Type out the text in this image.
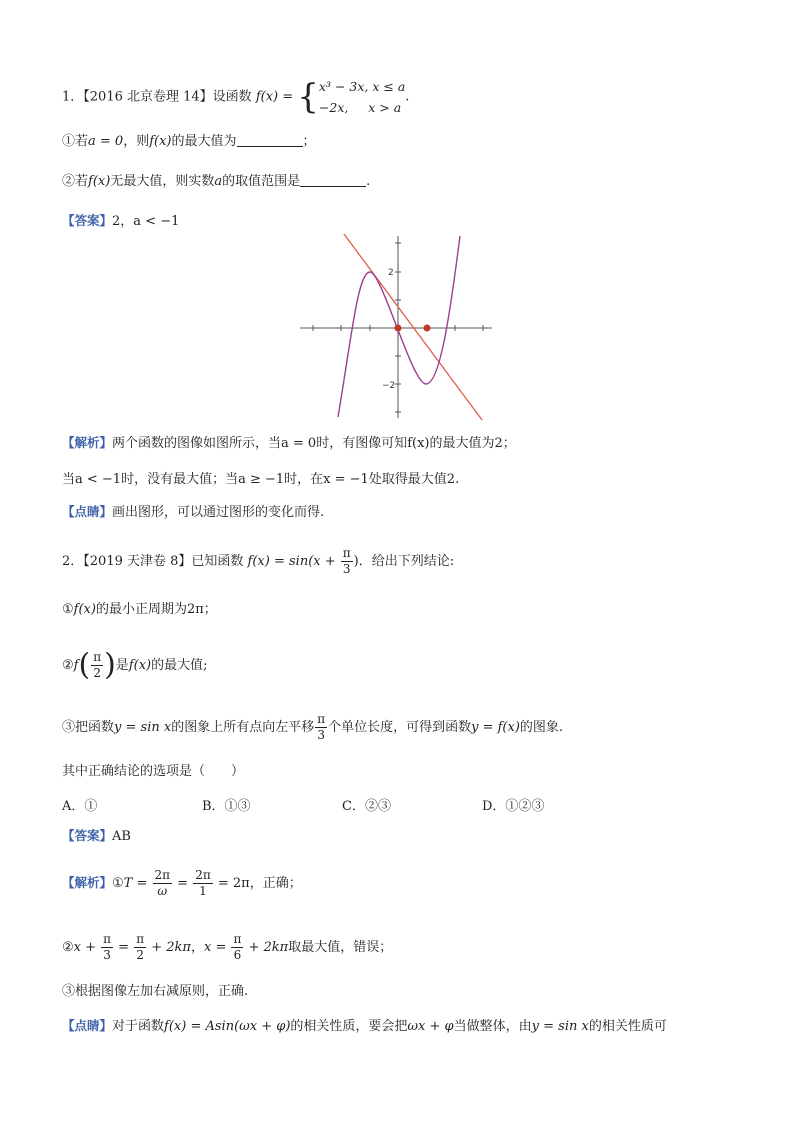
1．【2016 北京卷理 14】设函数 f(x) = {x³ − 3x, x ≤ a
−2x, x > a.
①若a = 0，则f(x)的最大值为	；
②若f(x)无最大值，则实数a的取值范围是	.
【答案】2，a < −1
2
−2
【解析】两个函数的图像如图所示，当a = 0时，有图像可知f(x)的最大值为2；
当a < −1时，没有最大值；当a ≥ −1时，在x = −1处取得最大值2.
【点睛】画出图形，可以通过图形的变化而得.
2．【2019 天津卷 8】已知函数 $f(x) = \sin(x + \frac{\pi}{3}$ )．给出下列结论:
①f(x)的最小正周期为2π；
②f( $\frac{\pi}{2}$ )是f(x)的最大值;
③把函数y = sin x的图象上所有点向左平移 $\frac{\pi}{3}$ 个单位长度，可得到函数y = f(x)的图象.
其中正确结论的选项是（　　）
A．①	B．①③	C．②③	D．①②③
【答案】AB
【解析】①T = $\frac{2\pi}{\omega} = \frac{2\pi}{1} = 2\pi$，正确；
②x + $\frac{\pi}{3} = \frac{\pi}{2} + 2k\pi$，$x = \frac{\pi}{6} + 2k\pi$取最大值，错误；
③根据图像左加右减原则，正确.
【点睛】对于函数f(x) = Asin(ωx + φ)的相关性质，要会把ωx + φ当做整体，由y = sin x的相关性质可
